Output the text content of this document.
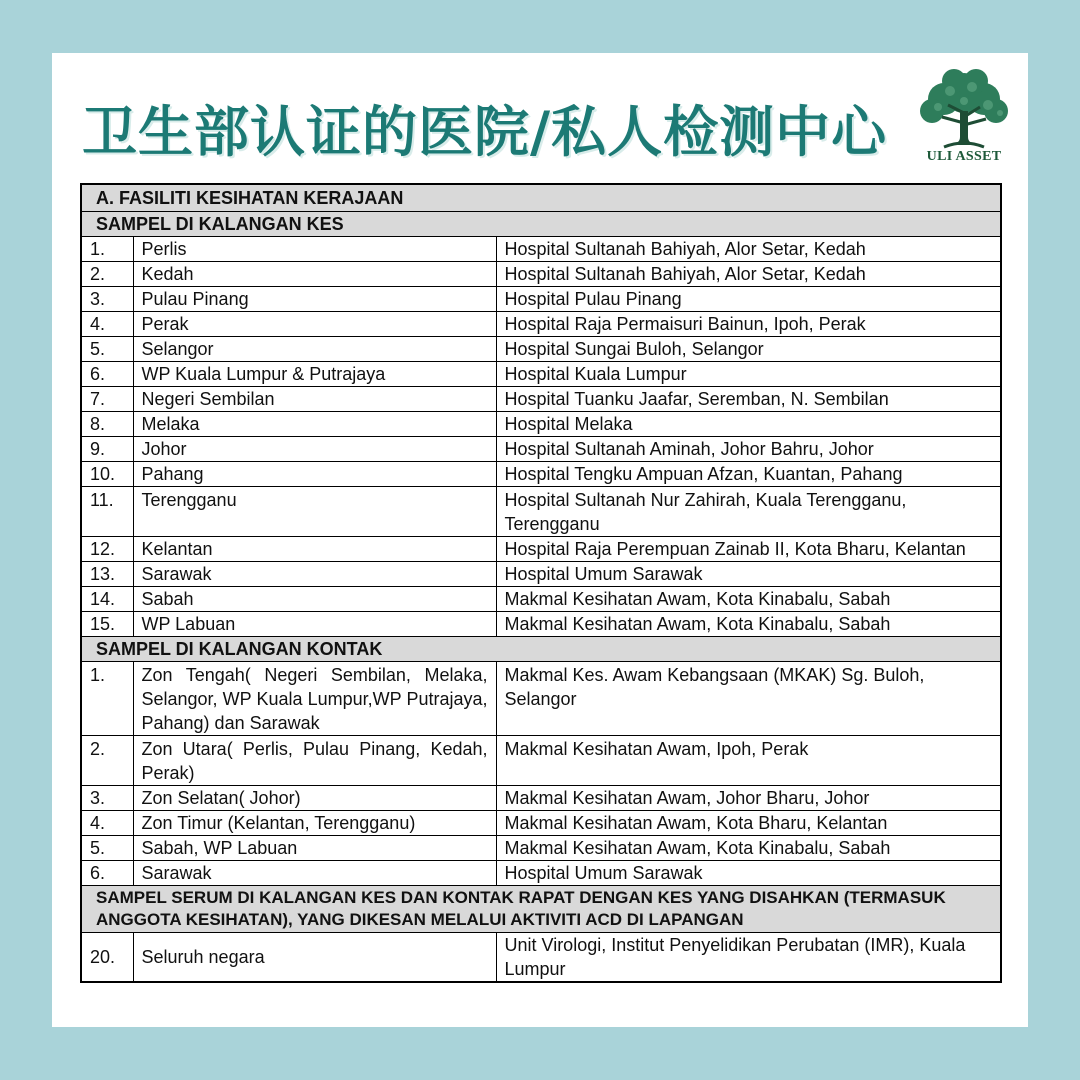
卫生部认证的医院/私人检测中心	ULI ASSET
A. FASILITI KESIHATAN KERAJAAN		
SAMPEL DI KALANGAN KES		
1.	Perlis	Hospital Sultanah Bahiyah, Alor Setar, Kedah
2.	Kedah	Hospital Sultanah Bahiyah, Alor Setar, Kedah
3.	Pulau Pinang	Hospital Pulau Pinang
4.	Perak	Hospital Raja Permaisuri Bainun, Ipoh, Perak
5.	Selangor	Hospital Sungai Buloh, Selangor
6.	WP Kuala Lumpur & Putrajaya	Hospital Kuala Lumpur
7.	Negeri Sembilan	Hospital Tuanku Jaafar, Seremban, N. Sembilan
8.	Melaka	Hospital Melaka
9.	Johor	Hospital Sultanah Aminah, Johor Bahru, Johor
10.	Pahang	Hospital Tengku Ampuan Afzan, Kuantan, Pahang
11.	Terengganu	Hospital Sultanah Nur Zahirah, Kuala Terengganu, Terengganu
12.	Kelantan	Hospital Raja Perempuan Zainab II, Kota Bharu, Kelantan
13.	Sarawak	Hospital Umum Sarawak
14.	Sabah	Makmal Kesihatan Awam, Kota Kinabalu, Sabah
15.	WP Labuan	Makmal Kesihatan Awam, Kota Kinabalu, Sabah
SAMPEL DI KALANGAN KONTAK		
1.	Zon Tengah( Negeri Sembilan, Melaka, Selangor, WP Kuala Lumpur,WP Putrajaya, Pahang) dan Sarawak	Makmal Kes. Awam Kebangsaan (MKAK) Sg. Buloh, Selangor
2.	Zon Utara( Perlis, Pulau Pinang, Kedah, Perak)	Makmal Kesihatan Awam, Ipoh, Perak
3.	Zon Selatan( Johor)	Makmal Kesihatan Awam, Johor Bharu, Johor
4.	Zon Timur (Kelantan, Terengganu)	Makmal Kesihatan Awam, Kota Bharu, Kelantan
5.	Sabah, WP Labuan	Makmal Kesihatan Awam, Kota Kinabalu, Sabah
6.	Sarawak	Hospital Umum Sarawak
SAMPEL SERUM DI KALANGAN KES DAN KONTAK RAPAT DENGAN KES YANG DISAHKAN (TERMASUK ANGGOTA KESIHATAN), YANG DIKESAN MELALUI AKTIVITI ACD DI LAPANGAN		
20.	Seluruh negara	Unit Virologi, Institut Penyelidikan Perubatan (IMR), Kuala Lumpur
